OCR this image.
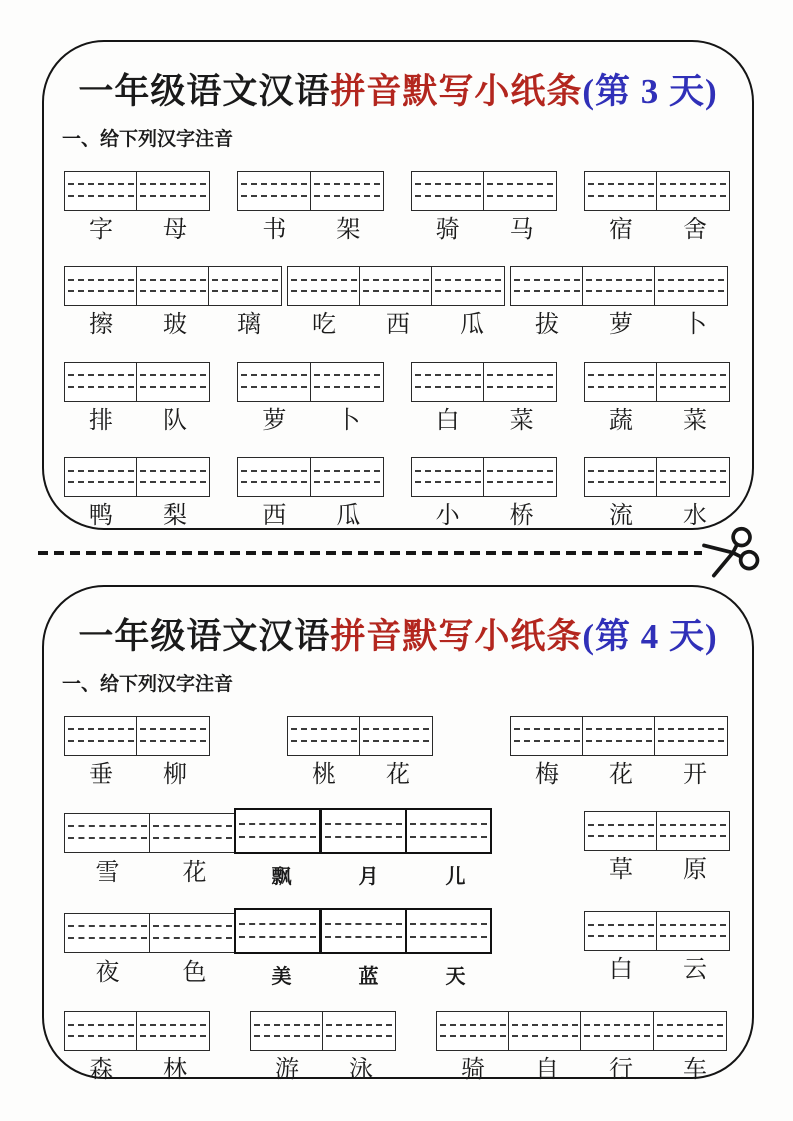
一年级语文汉语拼音默写小纸条(第 3 天)
一、给下列汉字注音
字	母	书	架	骑	马	宿	舍
擦	玻	璃	吃	西	瓜	拔	萝	卜
排	队	萝	卜	白	菜	蔬	菜
鸭	梨	西	瓜	小	桥	流	水
一年级语文汉语拼音默写小纸条(第 4 天)
一、给下列汉字注音
垂	柳	桃	花	梅	花	开
雪	花	飘	月	儿	草	原
夜	色	美	蓝	天	白	云
森	林	游	泳	骑	自	行	车
